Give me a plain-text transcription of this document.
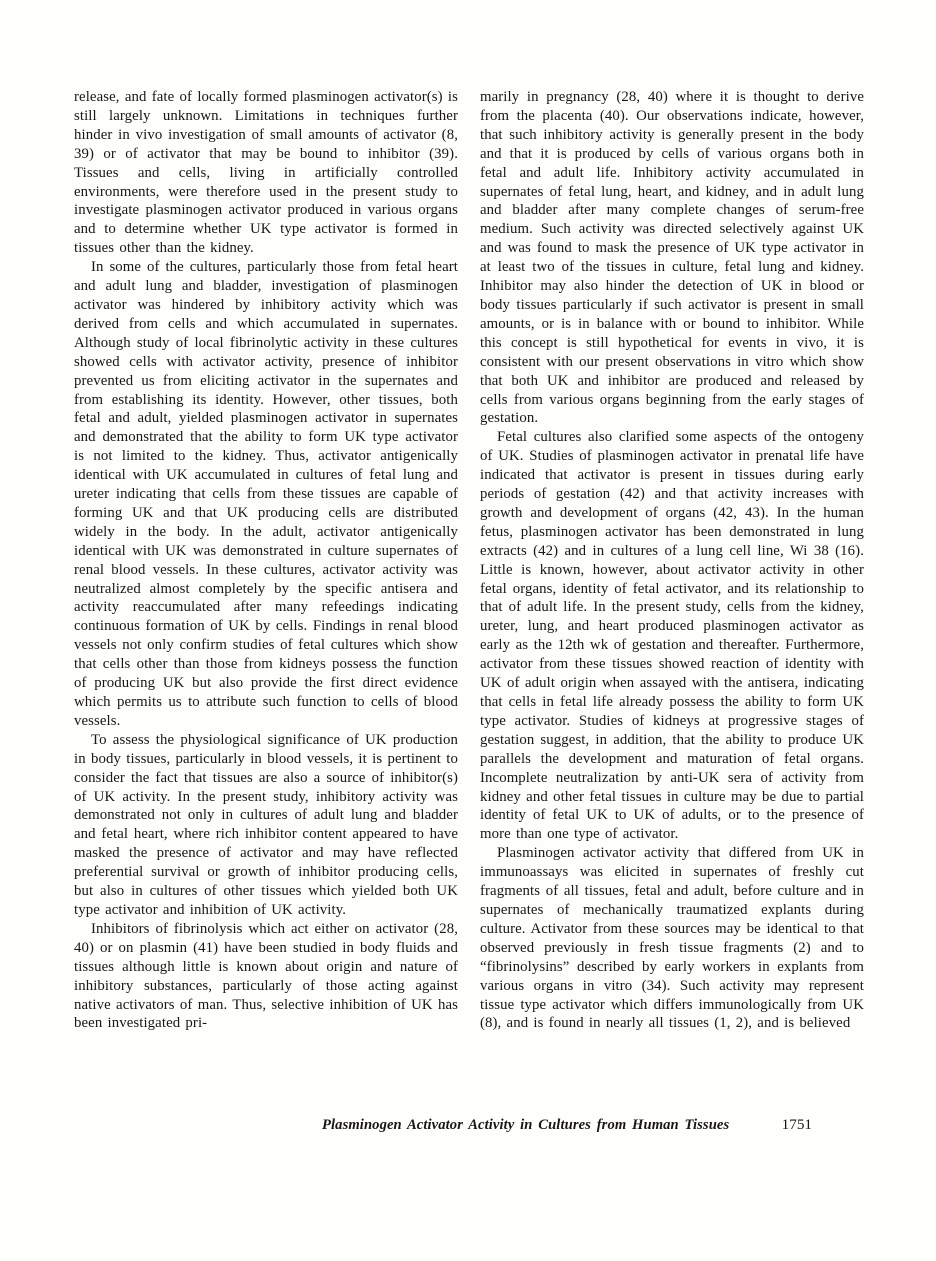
release, and fate of locally formed plasminogen activator(s) is still largely unknown. Limitations in techniques further hinder in vivo investigation of small amounts of activator (8, 39) or of activator that may be bound to inhibitor (39). Tissues and cells, living in artificially controlled environments, were therefore used in the present study to investigate plasminogen activator produced in various organs and to determine whether UK type activator is formed in tissues other than the kidney.

In some of the cultures, particularly those from fetal heart and adult lung and bladder, investigation of plasminogen activator was hindered by inhibitory activity which was derived from cells and which accumulated in supernates. Although study of local fibrinolytic activity in these cultures showed cells with activator activity, presence of inhibitor prevented us from eliciting activator in the supernates and from establishing its identity. However, other tissues, both fetal and adult, yielded plasminogen activator in supernates and demonstrated that the ability to form UK type activator is not limited to the kidney. Thus, activator antigenically identical with UK accumulated in cultures of fetal lung and ureter indicating that cells from these tissues are capable of forming UK and that UK producing cells are distributed widely in the body. In the adult, activator antigenically identical with UK was demonstrated in culture supernates of renal blood vessels. In these cultures, activator activity was neutralized almost completely by the specific antisera and activity reaccumulated after many refeedings indicating continuous formation of UK by cells. Findings in renal blood vessels not only confirm studies of fetal cultures which show that cells other than those from kidneys possess the function of producing UK but also provide the first direct evidence which permits us to attribute such function to cells of blood vessels.

To assess the physiological significance of UK production in body tissues, particularly in blood vessels, it is pertinent to consider the fact that tissues are also a source of inhibitor(s) of UK activity. In the present study, inhibitory activity was demonstrated not only in cultures of adult lung and bladder and fetal heart, where rich inhibitor content appeared to have masked the presence of activator and may have reflected preferential survival or growth of inhibitor producing cells, but also in cultures of other tissues which yielded both UK type activator and inhibition of UK activity.

Inhibitors of fibrinolysis which act either on activator (28, 40) or on plasmin (41) have been studied in body fluids and tissues although little is known about origin and nature of inhibitory substances, particularly of those acting against native activators of man. Thus, selective inhibition of UK has been investigated pri-

marily in pregnancy (28, 40) where it is thought to derive from the placenta (40). Our observations indicate, however, that such inhibitory activity is generally present in the body and that it is produced by cells of various organs both in fetal and adult life. Inhibitory activity accumulated in supernates of fetal lung, heart, and kidney, and in adult lung and bladder after many complete changes of serum-free medium. Such activity was directed selectively against UK and was found to mask the presence of UK type activator in at least two of the tissues in culture, fetal lung and kidney. Inhibitor may also hinder the detection of UK in blood or body tissues particularly if such activator is present in small amounts, or is in balance with or bound to inhibitor. While this concept is still hypothetical for events in vivo, it is consistent with our present observations in vitro which show that both UK and inhibitor are produced and released by cells from various organs beginning from the early stages of gestation.

Fetal cultures also clarified some aspects of the ontogeny of UK. Studies of plasminogen activator in prenatal life have indicated that activator is present in tissues during early periods of gestation (42) and that activity increases with growth and development of organs (42, 43). In the human fetus, plasminogen activator has been demonstrated in lung extracts (42) and in cultures of a lung cell line, Wi 38 (16). Little is known, however, about activator activity in other fetal organs, identity of fetal activator, and its relationship to that of adult life. In the present study, cells from the kidney, ureter, lung, and heart produced plasminogen activator as early as the 12th wk of gestation and thereafter. Furthermore, activator from these tissues showed reaction of identity with UK of adult origin when assayed with the antisera, indicating that cells in fetal life already possess the ability to form UK type activator. Studies of kidneys at progressive stages of gestation suggest, in addition, that the ability to produce UK parallels the development and maturation of fetal organs. Incomplete neutralization by anti-UK sera of activity from kidney and other fetal tissues in culture may be due to partial identity of fetal UK to UK of adults, or to the presence of more than one type of activator.

Plasminogen activator activity that differed from UK in immunoassays was elicited in supernates of freshly cut fragments of all tissues, fetal and adult, before culture and in supernates of mechanically traumatized explants during culture. Activator from these sources may be identical to that observed previously in fresh tissue fragments (2) and to “fibrinolysins” described by early workers in explants from various organs in vitro (34). Such activity may represent tissue type activator which differs immunologically from UK (8), and is found in nearly all tissues (1, 2), and is believed

Plasminogen Activator Activity in Cultures from Human Tissues	1751
